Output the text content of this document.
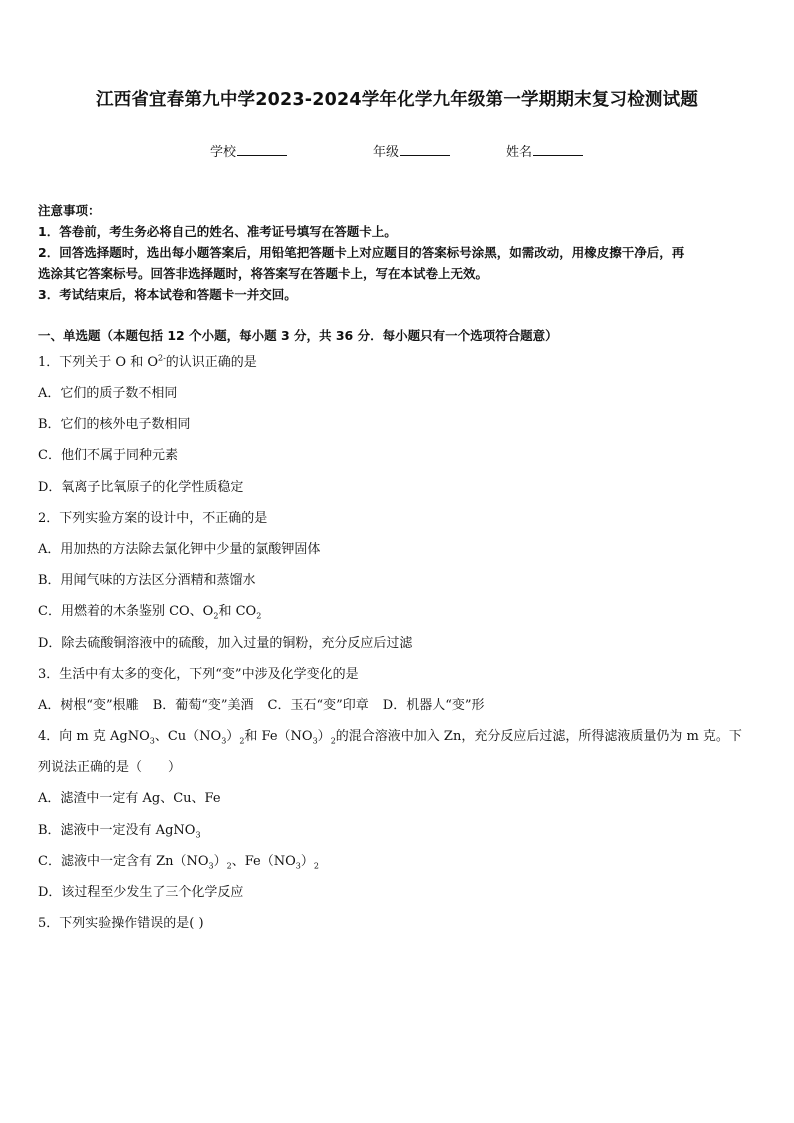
江西省宜春第九中学2023-2024学年化学九年级第一学期期末复习检测试题
学校	年级	姓名
注意事项：
1．答卷前，考生务必将自己的姓名、准考证号填写在答题卡上。
2．回答选择题时，选出每小题答案后，用铅笔把答题卡上对应题目的答案标号涂黑，如需改动，用橡皮擦干净后，再
选涂其它答案标号。回答非选择题时，将答案写在答题卡上，写在本试卷上无效。
3．考试结束后，将本试卷和答题卡一并交回。
一、单选题（本题包括 12 个小题，每小题 3 分，共 36 分．每小题只有一个选项符合题意）
1．下列关于 O 和 $O^{2-}$的认识正确的是
A．它们的质子数不相同
B．它们的核外电子数相同
C．他们不属于同种元素
D．氧离子比氧原子的化学性质稳定
2．下列实验方案的设计中，不正确的是
A．用加热的方法除去氯化钾中少量的氯酸钾固体
B．用闻气味的方法区分酒精和蒸馏水
C．用燃着的木条鉴别 CO、$O_2$和 $CO_2$
D．除去硫酸铜溶液中的硫酸，加入过量的铜粉，充分反应后过滤
3．生活中有太多的变化，下列“变”中涉及化学变化的是
A．树根“变”根雕 B．葡萄“变”美酒 C．玉石“变”印章 D．机器人“变”形
4．向 m 克 AgNO$_3$、$Cu(NO_3)_2$和 $Fe(NO_3)_2$的混合溶液中加入 Zn，充分反应后过滤，所得滤液质量仍为 m 克。下
列说法正确的是（　　）
A．滤渣中一定有 Ag、Cu、Fe
B．滤液中一定没有 AgNO$_3$
C．滤液中一定含有 $Zn(NO_3)_2$、$Fe(NO_3)_2$
D．该过程至少发生了三个化学反应
5．下列实验操作错误的是( )
